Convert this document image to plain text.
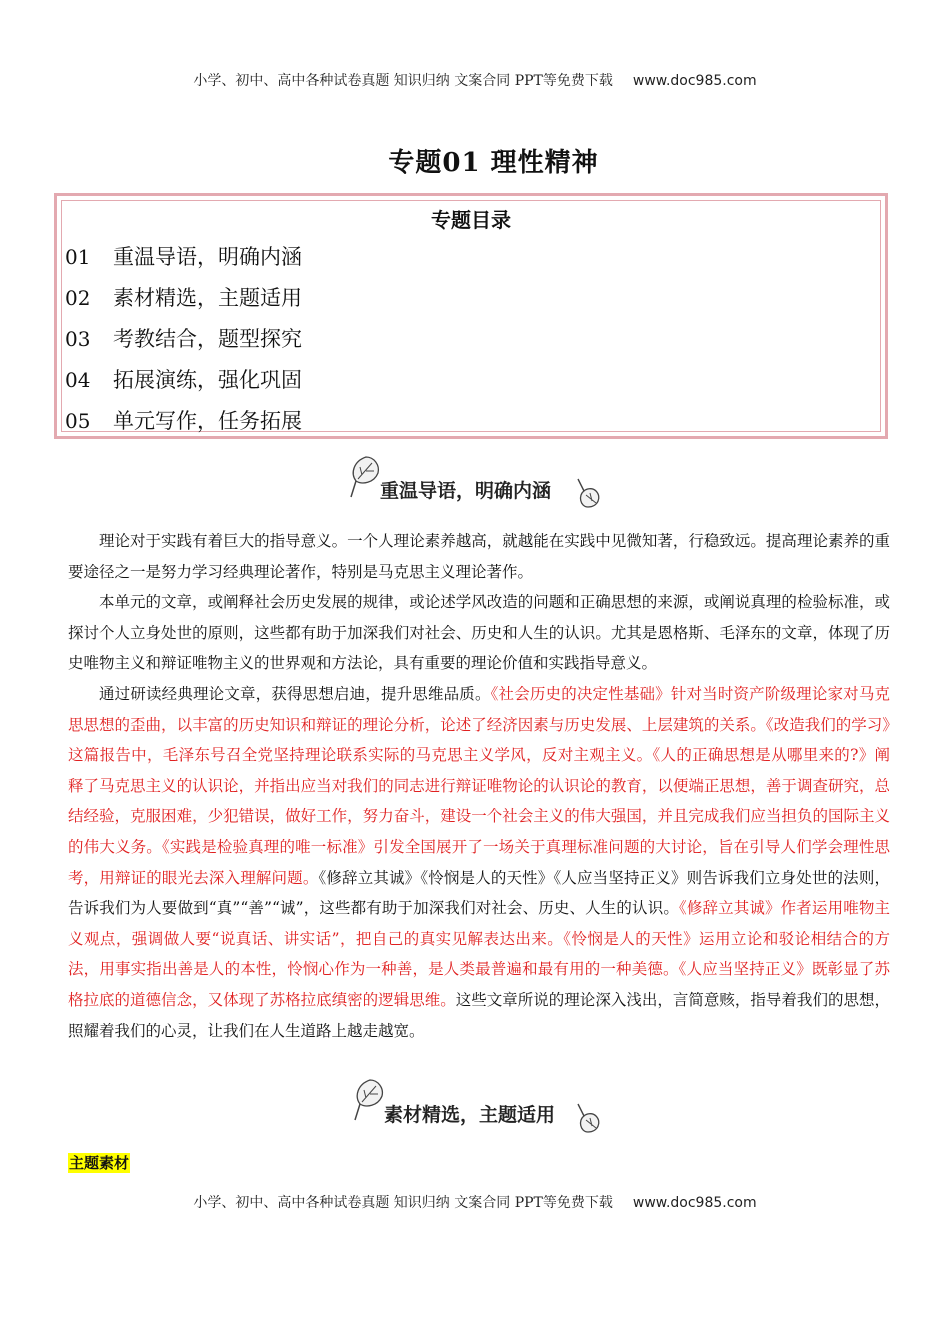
小学、初中、高中各种试卷真题 知识归纳 文案合同 PPT等免费下载 www.doc985.com
专题01 理性精神
专题目录
01 重温导语，明确内涵
02 素材精选，主题适用
03 考教结合，题型探究
04 拓展演练，强化巩固
05 单元写作，任务拓展
重温导语，明确内涵

理论对于实践有着巨大的指导意义。一个人理论素养越高，就越能在实践中见微知著，行稳致远。提高理论素养的重要途径之一是努力学习经典理论著作，特别是马克思主义理论著作。

本单元的文章，或阐释社会历史发展的规律，或论述学风改造的问题和正确思想的来源，或阐说真理的检验标准，或探讨个人立身处世的原则，这些都有助于加深我们对社会、历史和人生的认识。尤其是恩格斯、毛泽东的文章，体现了历史唯物主义和辩证唯物主义的世界观和方法论，具有重要的理论价值和实践指导意义。

通过研读经典理论文章，获得思想启迪，提升思维品质。《社会历史的决定性基础》针对当时资产阶级理论家对马克思思想的歪曲，以丰富的历史知识和辩证的理论分析，论述了经济因素与历史发展、上层建筑的关系。《改造我们的学习》这篇报告中，毛泽东号召全党坚持理论联系实际的马克思主义学风，反对主观主义。《人的正确思想是从哪里来的?》阐释了马克思主义的认识论，并指出应当对我们的同志进行辩证唯物论的认识论的教育，以便端正思想，善于调查研究，总结经验，克服困难，少犯错误，做好工作，努力奋斗，建设一个社会主义的伟大强国，并且完成我们应当担负的国际主义的伟大义务。《实践是检验真理的唯一标准》引发全国展开了一场关于真理标准问题的大讨论，旨在引导人们学会理性思考，用辩证的眼光去深入理解问题。《修辞立其诚》《怜悯是人的天性》《人应当坚持正义》则告诉我们立身处世的法则，告诉我们为人要做到“真”“善”“诚”，这些都有助于加深我们对社会、历史、人生的认识。《修辞立其诚》作者运用唯物主义观点，强调做人要“说真话、讲实话”，把自己的真实见解表达出来。《怜悯是人的天性》运用立论和驳论相结合的方法，用事实指出善是人的本性，怜悯心作为一种善，是人类最普遍和最有用的一种美德。《人应当坚持正义》既彰显了苏格拉底的道德信念，又体现了苏格拉底缜密的逻辑思维。这些文章所说的理论深入浅出，言简意赅，指导着我们的思想，照耀着我们的心灵，让我们在人生道路上越走越宽。

素材精选，主题适用
主题素材
小学、初中、高中各种试卷真题 知识归纳 文案合同 PPT等免费下载 www.doc985.com
